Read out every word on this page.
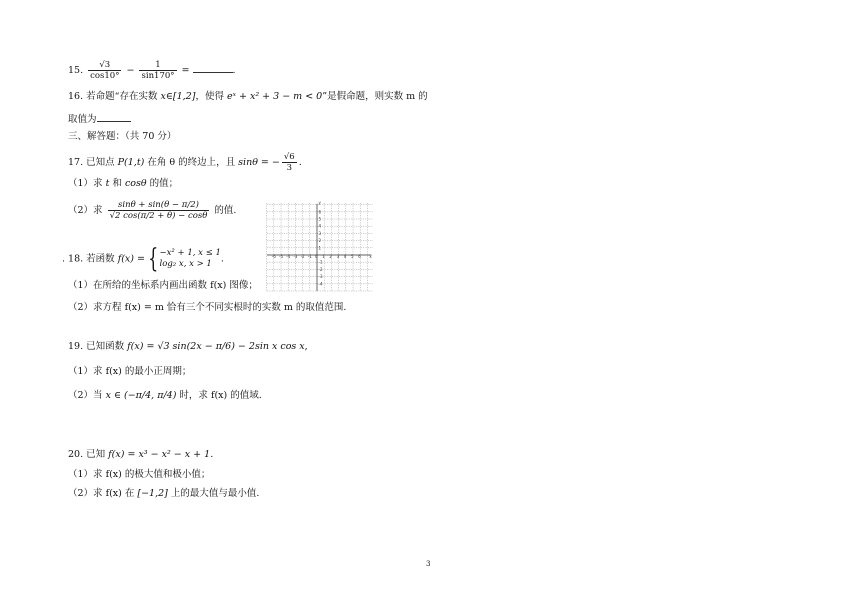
15. $\frac{√3}{\cos 10^\circ} - \frac{1}{\sin 170^\circ}$ =	.
16. 若命题“存在实数 x∈[1,2]，使得 eˣ + x² + 3 − m < 0”是假命题，则实数 m 的
取值为
三、解答题：（共 70 分）
17. 已知点 P(1,t) 在角 θ 的终边上，且 sinθ = − $\frac{√6}{3}$ .
（1）求 t 和 cosθ 的值；
（2）求 $\frac{\sin\theta + \sin(\theta - \pi/2)}{√2 \cos(\pi/2 + \theta) - \cos\theta}$ 的值.
. 18. 若函数 f(x) = { −x² + 1, x ≤ 1
log₂ x, x > 1 .
（1）在所给的坐标系内画出函数 f(x) 图像；
（2）求方程 f(x) = m 恰有三个不同实根时的实数 m 的取值范围.
-6 -5 -4 -3 -2 -1 0 1 2 3 4 5 6 x
y
6
5
4
3
2
1
-1
-2
-3
-4
19. 已知函数 f(x) = √3 sin(2x − π/6) − 2sin x cos x,
（1）求 f(x) 的最小正周期；
（2）当 x ∈ (−π/4, π/4) 时，求 f(x) 的值域.
20. 已知 f(x) = x³ − x² − x + 1.
（1）求 f(x) 的极大值和极小值；
（2）求 f(x) 在 [−1,2] 上的最大值与最小值.
3
